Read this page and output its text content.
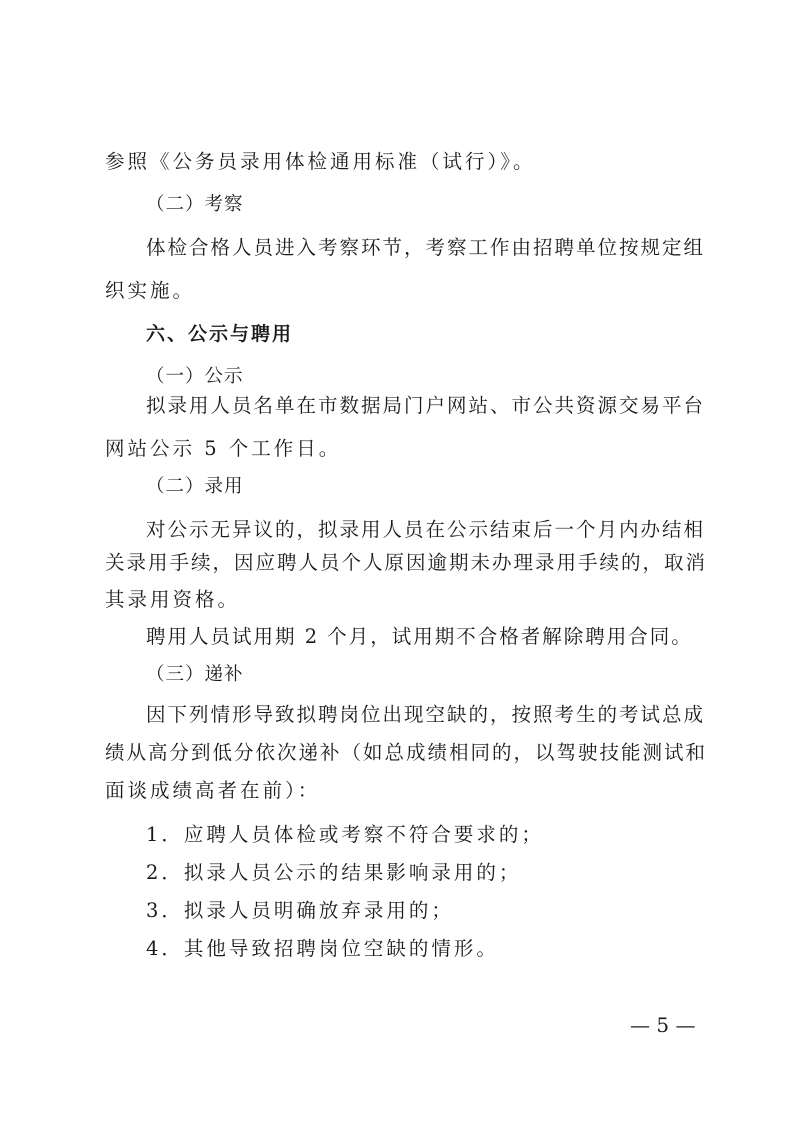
参照《公务员录用体检通用标准（试行）》。
（二）考察
体检合格人员进入考察环节，考察工作由招聘单位按规定组
织实施。
六、公示与聘用
（一）公示
拟录用人员名单在市数据局门户网站、市公共资源交易平台
网站公示 5 个工作日。
（二）录用
对公示无异议的，拟录用人员在公示结束后一个月内办结相
关录用手续，因应聘人员个人原因逾期未办理录用手续的，取消
其录用资格。
聘用人员试用期 2 个月，试用期不合格者解除聘用合同。
（三）递补
因下列情形导致拟聘岗位出现空缺的，按照考生的考试总成
绩从高分到低分依次递补（如总成绩相同的，以驾驶技能测试和
面谈成绩高者在前）：
1．应聘人员体检或考察不符合要求的；
2．拟录人员公示的结果影响录用的；
3．拟录人员明确放弃录用的；
4．其他导致招聘岗位空缺的情形。
— 5 —
